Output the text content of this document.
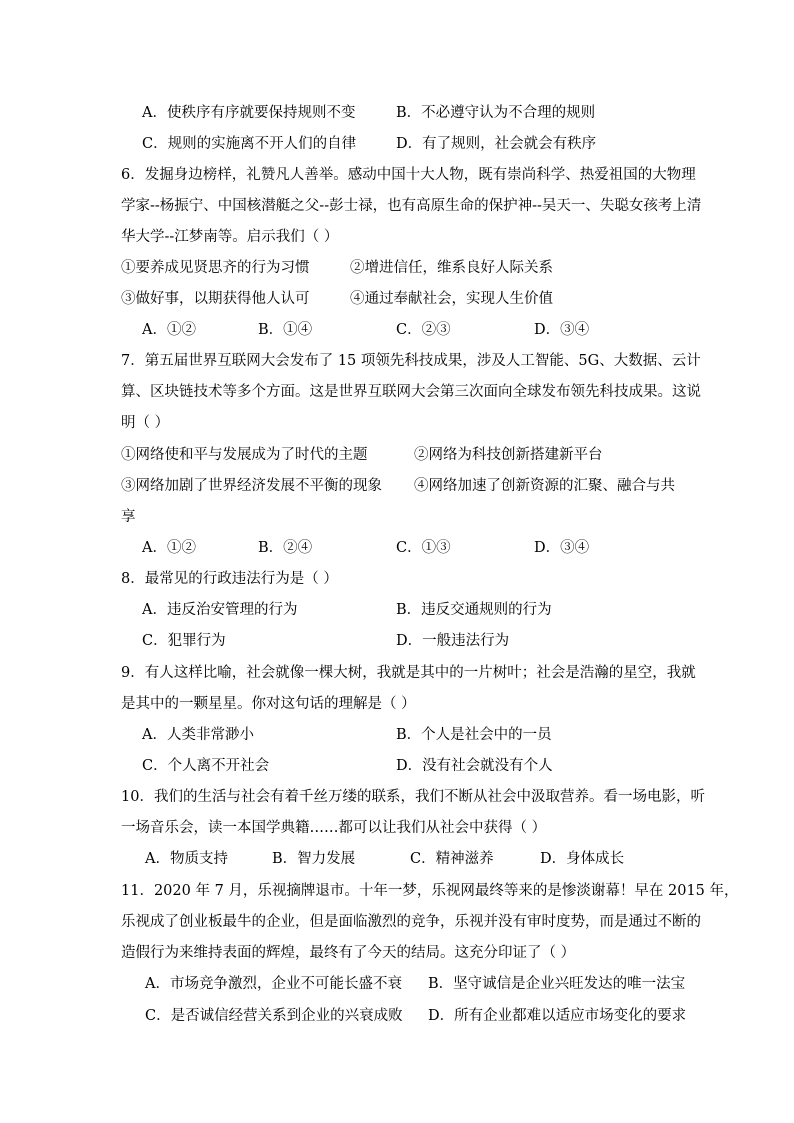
A．使秩序有序就要保持规则不变	B．不必遵守认为不合理的规则
C．规则的实施离不开人们的自律	D．有了规则，社会就会有秩序
6．发掘身边榜样，礼赞凡人善举。感动中国十大人物，既有崇尚科学、热爱祖国的大物理
学家--杨振宁、中国核潜艇之父--彭士禄，也有高原生命的保护神--吴天一、失聪女孩考上清
华大学--江梦南等。启示我们（ ）
①要养成见贤思齐的行为习惯	②增进信任，维系良好人际关系
③做好事，以期获得他人认可	④通过奉献社会，实现人生价值
A．①②	B．①④	C．②③	D．③④
7．第五届世界互联网大会发布了 15 项领先科技成果，涉及人工智能、5G、大数据、云计
算、区块链技术等多个方面。这是世界互联网大会第三次面向全球发布领先科技成果。这说
明（ ）
①网络使和平与发展成为了时代的主题	②网络为科技创新搭建新平台
③网络加剧了世界经济发展不平衡的现象 ④网络加速了创新资源的汇聚、融合与共
享
A．①②	B．②④	C．①③	D．③④
8．最常见的行政违法行为是（ ）
A．违反治安管理的行为	B．违反交通规则的行为
C．犯罪行为	D．一般违法行为
9．有人这样比喻，社会就像一棵大树，我就是其中的一片树叶；社会是浩瀚的星空，我就
是其中的一颗星星。你对这句话的理解是（ ）
A．人类非常渺小	B．个人是社会中的一员
C．个人离不开社会	D．没有社会就没有个人
10．我们的生活与社会有着千丝万缕的联系，我们不断从社会中汲取营养。看一场电影，听
一场音乐会，读一本国学典籍……都可以让我们从社会中获得（ ）
A．物质支持	B．智力发展	C．精神滋养	D．身体成长
11．2020 年 7 月，乐视摘牌退市。十年一梦，乐视网最终等来的是惨淡谢幕！早在 2015 年，
乐视成了创业板最牛的企业，但是面临激烈的竞争，乐视并没有审时度势，而是通过不断的
造假行为来维持表面的辉煌，最终有了今天的结局。这充分印证了（ ）
A．市场竞争激烈，企业不可能长盛不衰 B．坚守诚信是企业兴旺发达的唯一法宝
C．是否诚信经营关系到企业的兴衰成败 D．所有企业都难以适应市场变化的要求
